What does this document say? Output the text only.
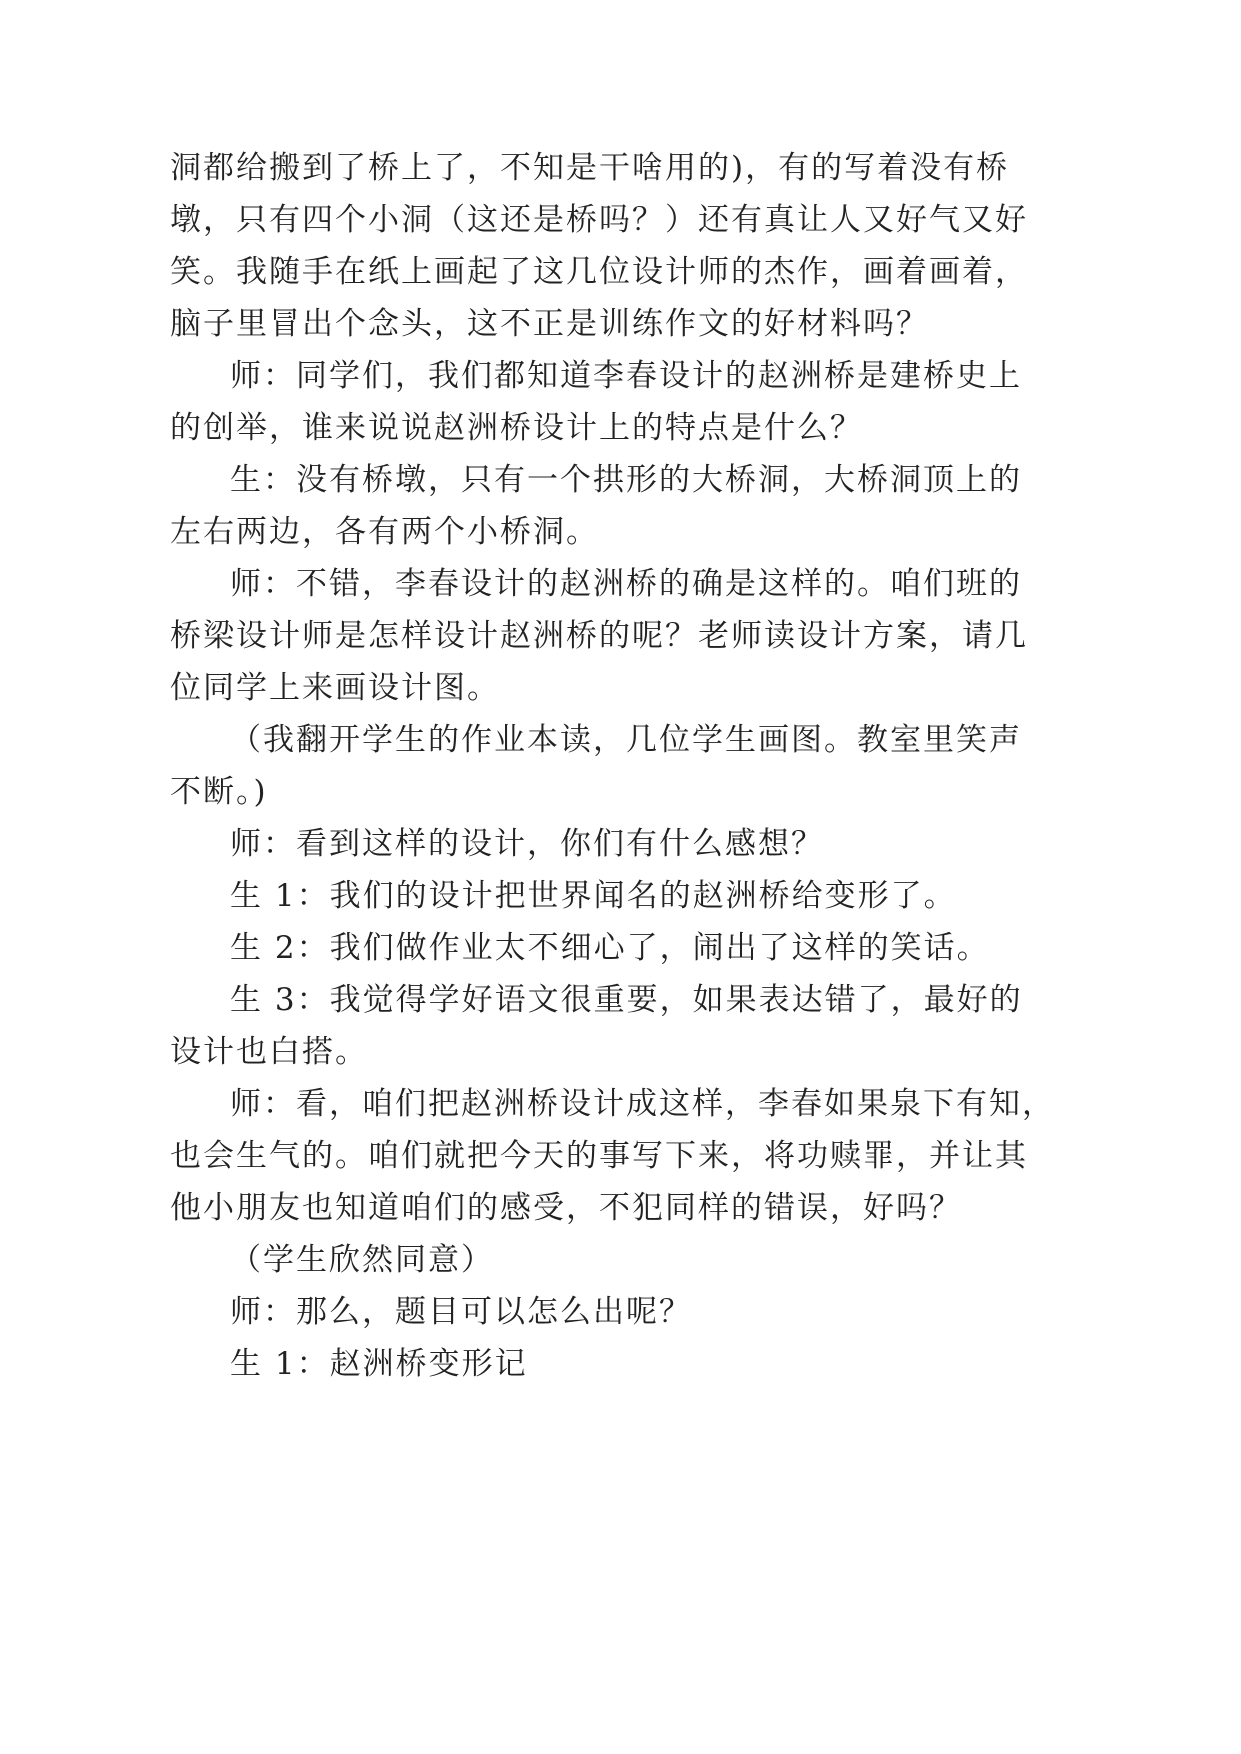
洞都给搬到了桥上了，不知是干啥用的)，有的写着没有桥
墩，只有四个小洞（这还是桥吗？）还有真让人又好气又好
笑。我随手在纸上画起了这几位设计师的杰作，画着画着，
脑子里冒出个念头，这不正是训练作文的好材料吗？
师：同学们，我们都知道李春设计的赵洲桥是建桥史上
的创举，谁来说说赵洲桥设计上的特点是什么？
生：没有桥墩，只有一个拱形的大桥洞，大桥洞顶上的
左右两边，各有两个小桥洞。
师：不错，李春设计的赵洲桥的确是这样的。咱们班的
桥梁设计师是怎样设计赵洲桥的呢？老师读设计方案，请几
位同学上来画设计图。
（我翻开学生的作业本读，几位学生画图。教室里笑声
不断。)
师：看到这样的设计，你们有什么感想？
生 1：我们的设计把世界闻名的赵洲桥给变形了。
生 2：我们做作业太不细心了，闹出了这样的笑话。
生 3：我觉得学好语文很重要，如果表达错了，最好的
设计也白搭。
师：看，咱们把赵洲桥设计成这样，李春如果泉下有知，
也会生气的。咱们就把今天的事写下来，将功赎罪，并让其
他小朋友也知道咱们的感受，不犯同样的错误，好吗？
（学生欣然同意）
师：那么，题目可以怎么出呢？
生 1：赵洲桥变形记
